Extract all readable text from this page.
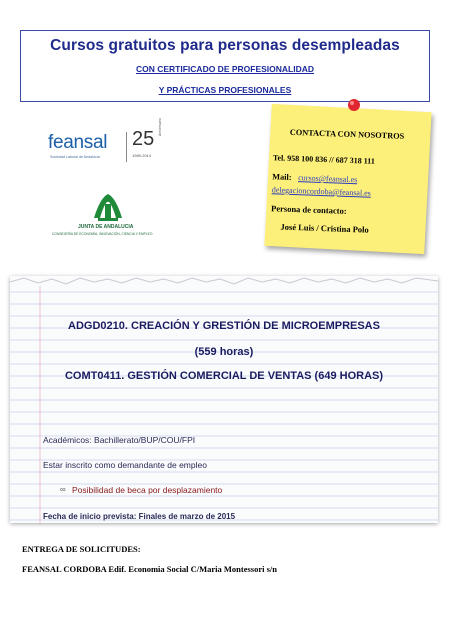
Cursos gratuitos para personas desempleadas
CON CERTIFICADO DE PROFESIONALIDAD
Y PRÁCTICAS PROFESIONALES
feansal
Sociedad Laboral de Andalucía
25
1989-2014
Aniversario
JUNTA DE ANDALUCIA
CONSEJERÍA DE ECONOMÍA, INNOVACIÓN, CIENCIA Y EMPLEO
CONTACTA CON NOSOTROS
Tel. 958 100 836 // 687 318 111
Mail: cursos@feansal.es
delegacioncordoba@feansal.es
Persona de contacto:
José Luis / Cristina Polo
ADGD0210. CREACIÓN Y GRESTIÓN DE MICROEMPRESAS
(559 horas)
COMT0411. GESTIÓN COMERCIAL DE VENTAS (649 HORAS)
Académicos: Bachillerato/BUP/COU/FPI
Estar inscrito como demandante de empleo
∞ Posibilidad de beca por desplazamiento
Fecha de inicio prevista: Finales de marzo de 2015
ENTREGA DE SOLICITUDES:
FEANSAL CORDOBA Edif. Economia Social C/Maria Montessori s/n
